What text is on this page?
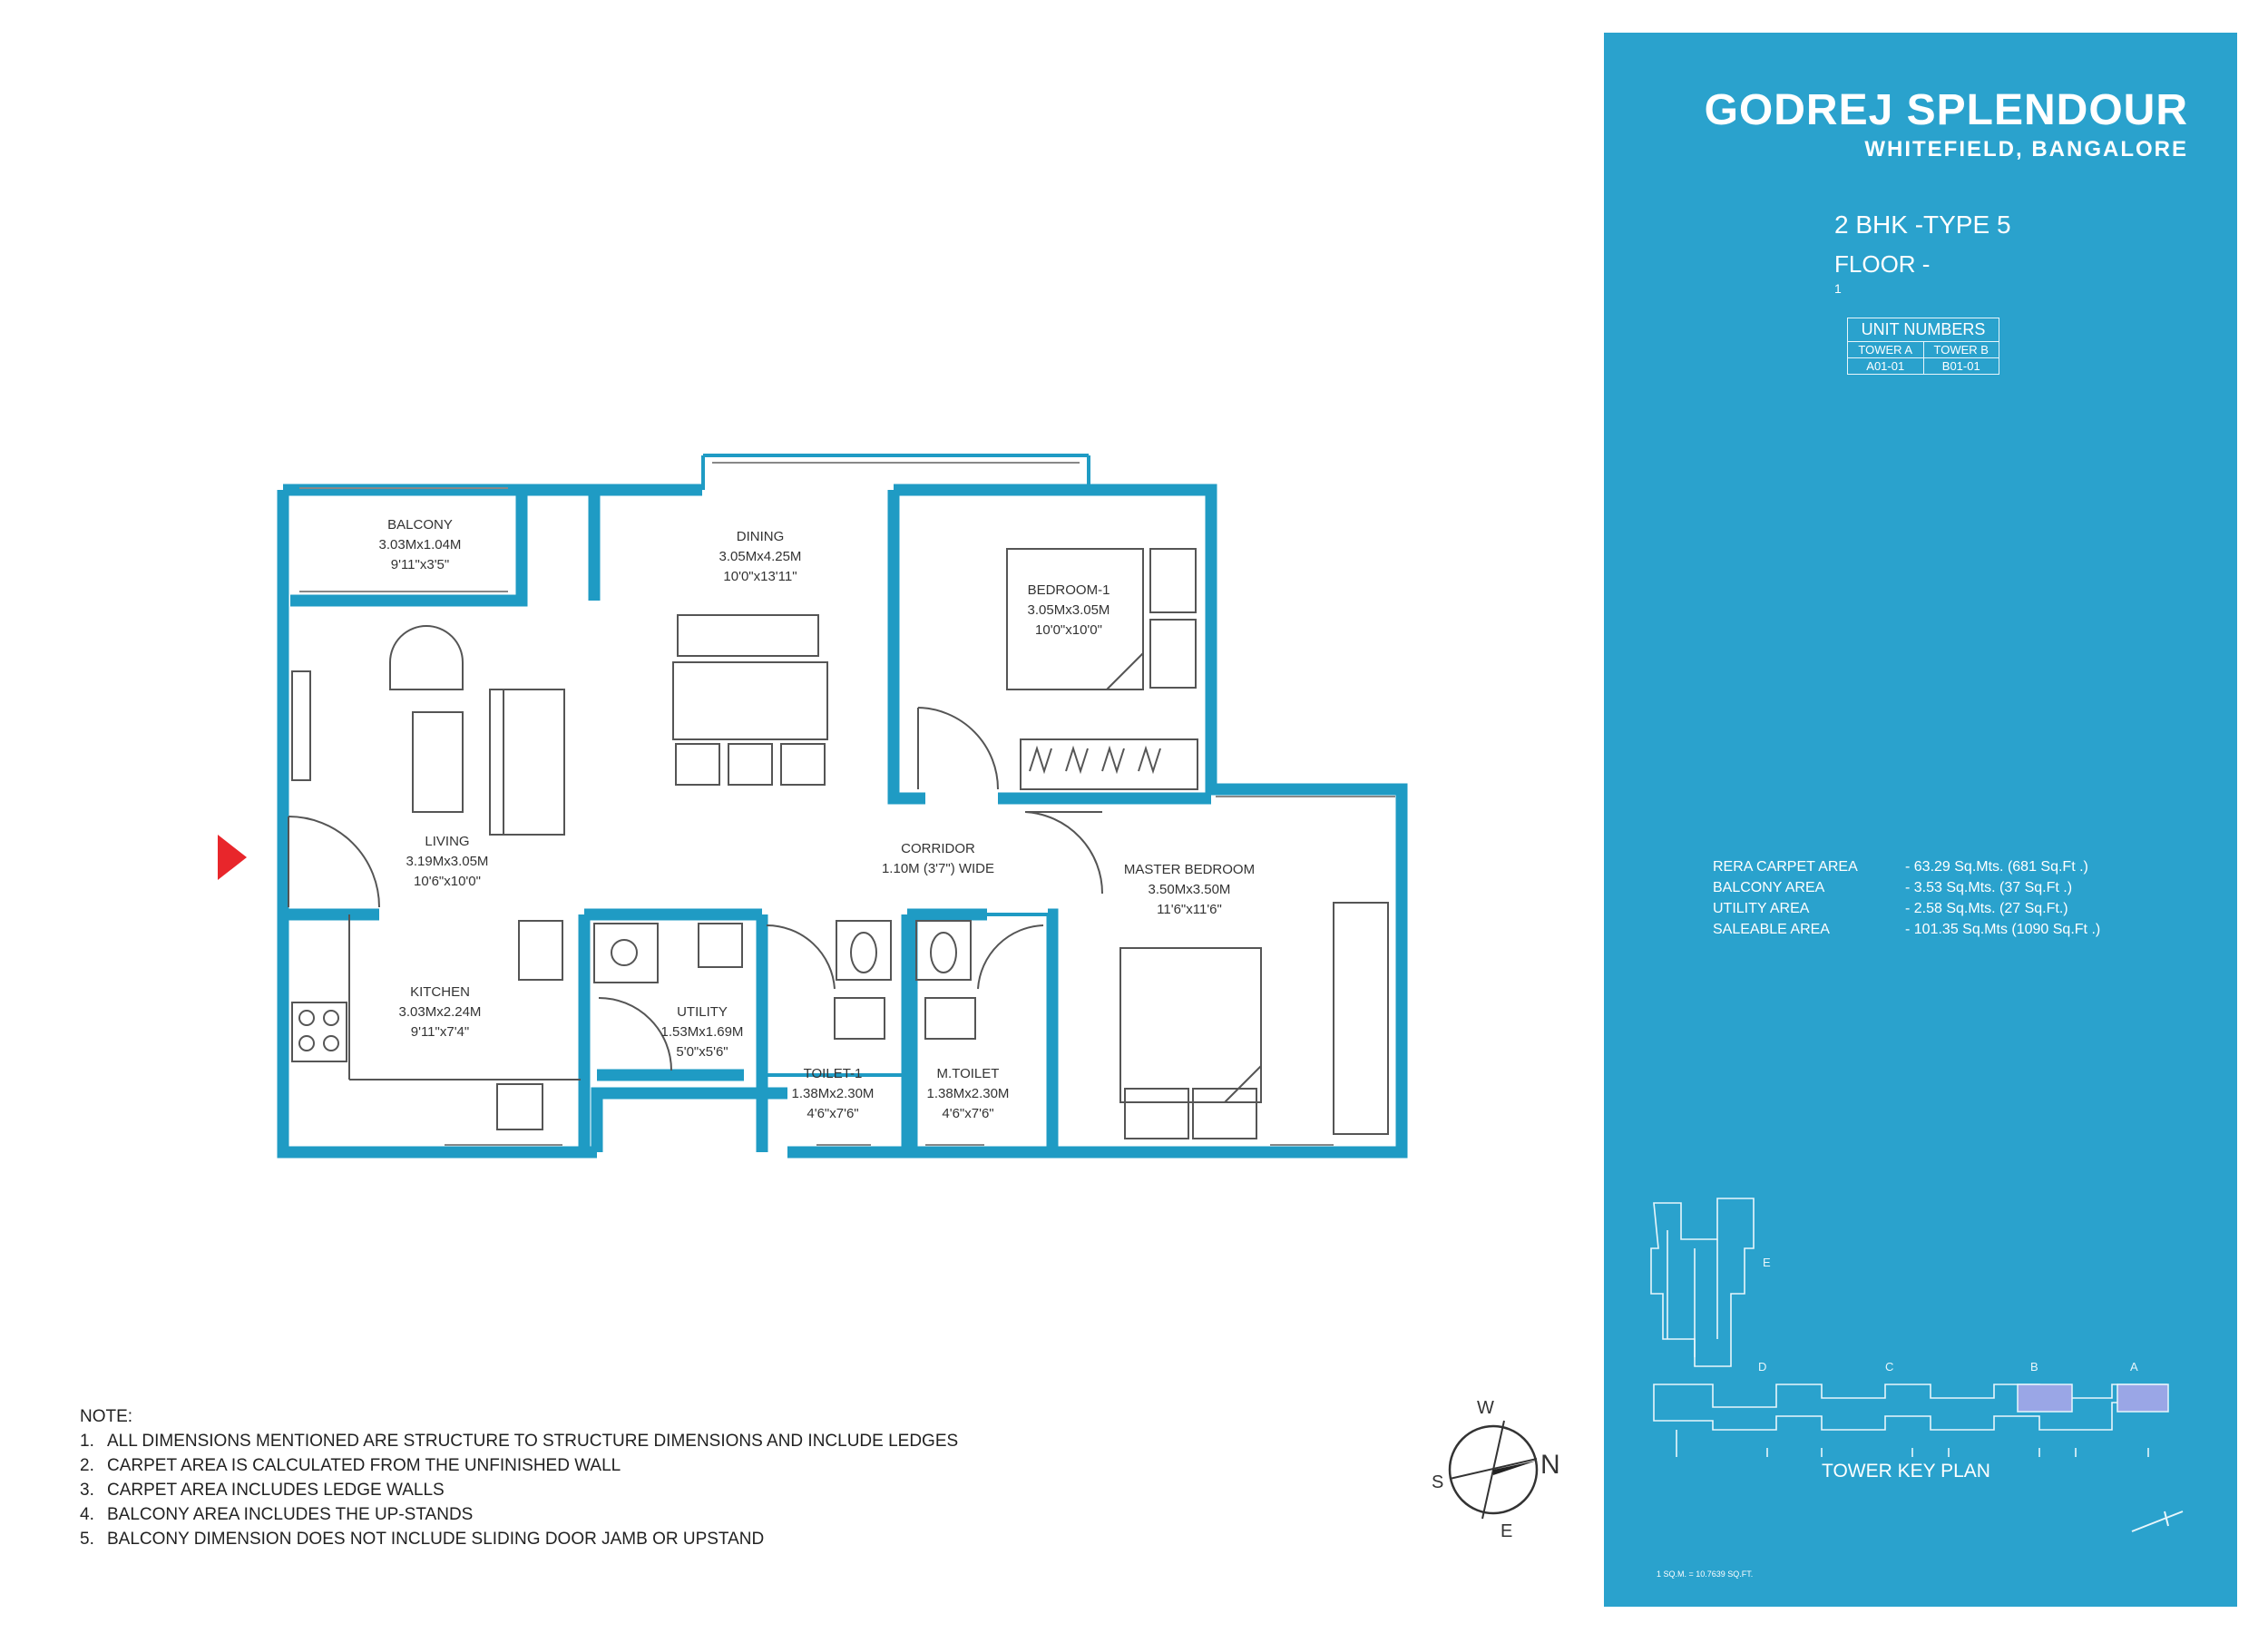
BALCONY
3.03Mx1.04M
9'11"x3'5"
DINING
3.05Mx4.25M
10'0"x13'11"
BEDROOM-1
3.05Mx3.05M
10'0"x10'0"
LIVING
3.19Mx3.05M
10'6"x10'0"
CORRIDOR
1.10M (3'7") WIDE	MASTER BEDROOM
3.50Mx3.50M
11'6"x11'6"
KITCHEN
3.03Mx2.24M
9'11"x7'4"
UTILITY
1.53Mx1.69M
5'0"x5'6"
TOILET-1
1.38Mx2.30M
4'6"x7'6"
M.TOILET
1.38Mx2.30M
4'6"x7'6"
NOTE:
1. ALL DIMENSIONS MENTIONED ARE STRUCTURE TO STRUCTURE DIMENSIONS AND INCLUDE LEDGES
2. CARPET AREA IS CALCULATED FROM THE UNFINISHED WALL
3. CARPET AREA INCLUDES LEDGE WALLS
4. BALCONY AREA INCLUDES THE UP-STANDS
5. BALCONY DIMENSION DOES NOT INCLUDE SLIDING DOOR JAMB OR UPSTAND
W
N
S
E
GODREJ SPLENDOUR
WHITEFIELD, BANGALORE
2 BHK -TYPE 5
FLOOR -
1
UNIT NUMBERS
TOWER A	TOWER B
A01-01	B01-01
RERA CARPET AREA	- 63.29 Sq.Mts. (681 Sq.Ft .)
BALCONY AREA	- 3.53 Sq.Mts. (37 Sq.Ft .)
UTILITY AREA	- 2.58 Sq.Mts. (27 Sq.Ft.)
SALEABLE AREA	- 101.35 Sq.Mts (1090 Sq.Ft .)
E
D	C	B	A
TOWER KEY PLAN
1 SQ.M. = 10.7639 SQ.FT.
